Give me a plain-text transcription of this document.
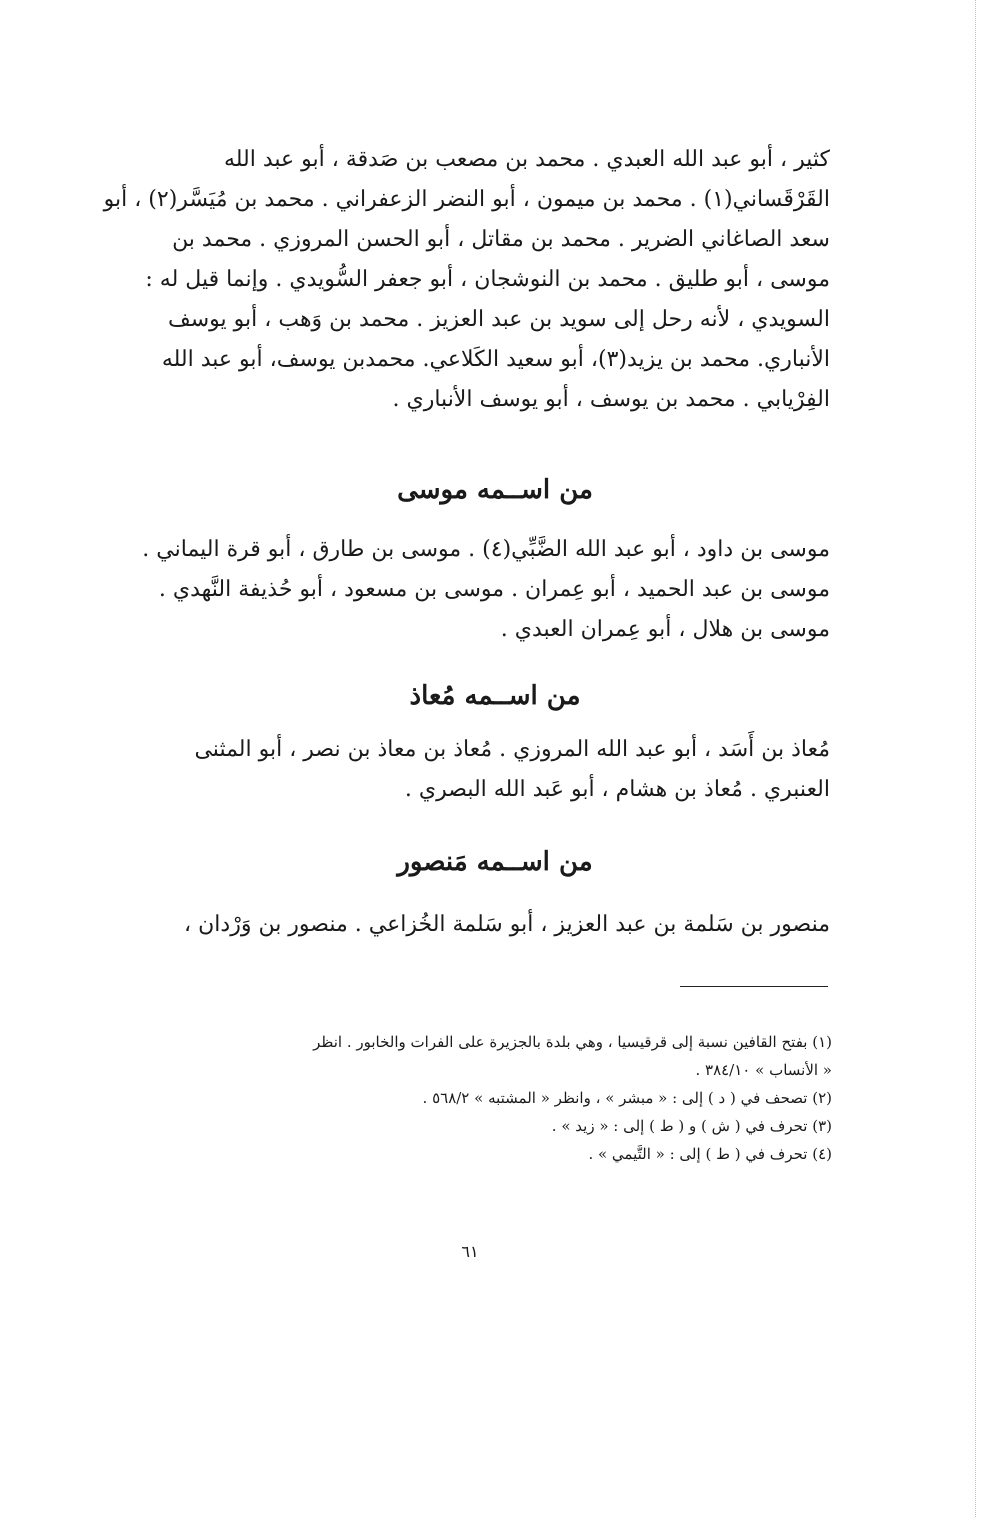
كثير ، أبو عبد الله العبدي . محمد بن مصعب بن صَدقة ، أبو عبد الله
القَرْقَساني(١) . محمد بن ميمون ، أبو النضر الزعفراني . محمد بن مُيَسَّر(٢) ، أبو
سعد الصاغاني الضرير . محمد بن مقاتل ، أبو الحسن المروزي . محمد بن
موسى ، أبو طليق . محمد بن النوشجان ، أبو جعفر السُّويدي . وإنما قيل له :
السويدي ، لأنه رحل إلى سويد بن عبد العزيز . محمد بن وَهب ، أبو يوسف
الأنباري. محمد بن يزيد(٣)، أبو سعيد الكَلاعي. محمدبن يوسف، أبو عبد الله
الفِرْيابي . محمد بن يوسف ، أبو يوسف الأنباري .
من اســمه موسى
موسى بن داود ، أبو عبد الله الضَّبِّي(٤) . موسى بن طارق ، أبو قرة اليماني .
موسى بن عبد الحميد ، أبو عِمران . موسى بن مسعود ، أبو حُذيفة النَّهدي .
موسى بن هلال ، أبو عِمران العبدي .
من اســمه مُعاذ
مُعاذ بن أَسَد ، أبو عبد الله المروزي . مُعاذ بن معاذ بن نصر ، أبو المثنى
العنبري . مُعاذ بن هشام ، أبو عَبد الله البصري .
من اســمه مَنصور
منصور بن سَلمة بن عبد العزيز ، أبو سَلمة الخُزاعي . منصور بن وَرْدان ،
(١) بفتح القافين نسبة إلى قرقيسيا ، وهي بلدة بالجزيرة على الفرات والخابور . انظر
« الأنساب » ٣٨٤/١٠ .
(٢) تصحف في ( د ) إلى : « مبشر » ، وانظر « المشتبه » ٥٦٨/٢ .
(٣) تحرف في ( ش ) و ( ط ) إلى : « زيد » .
(٤) تحرف في ( ط ) إلى : « التَّيمي » .
٦١
